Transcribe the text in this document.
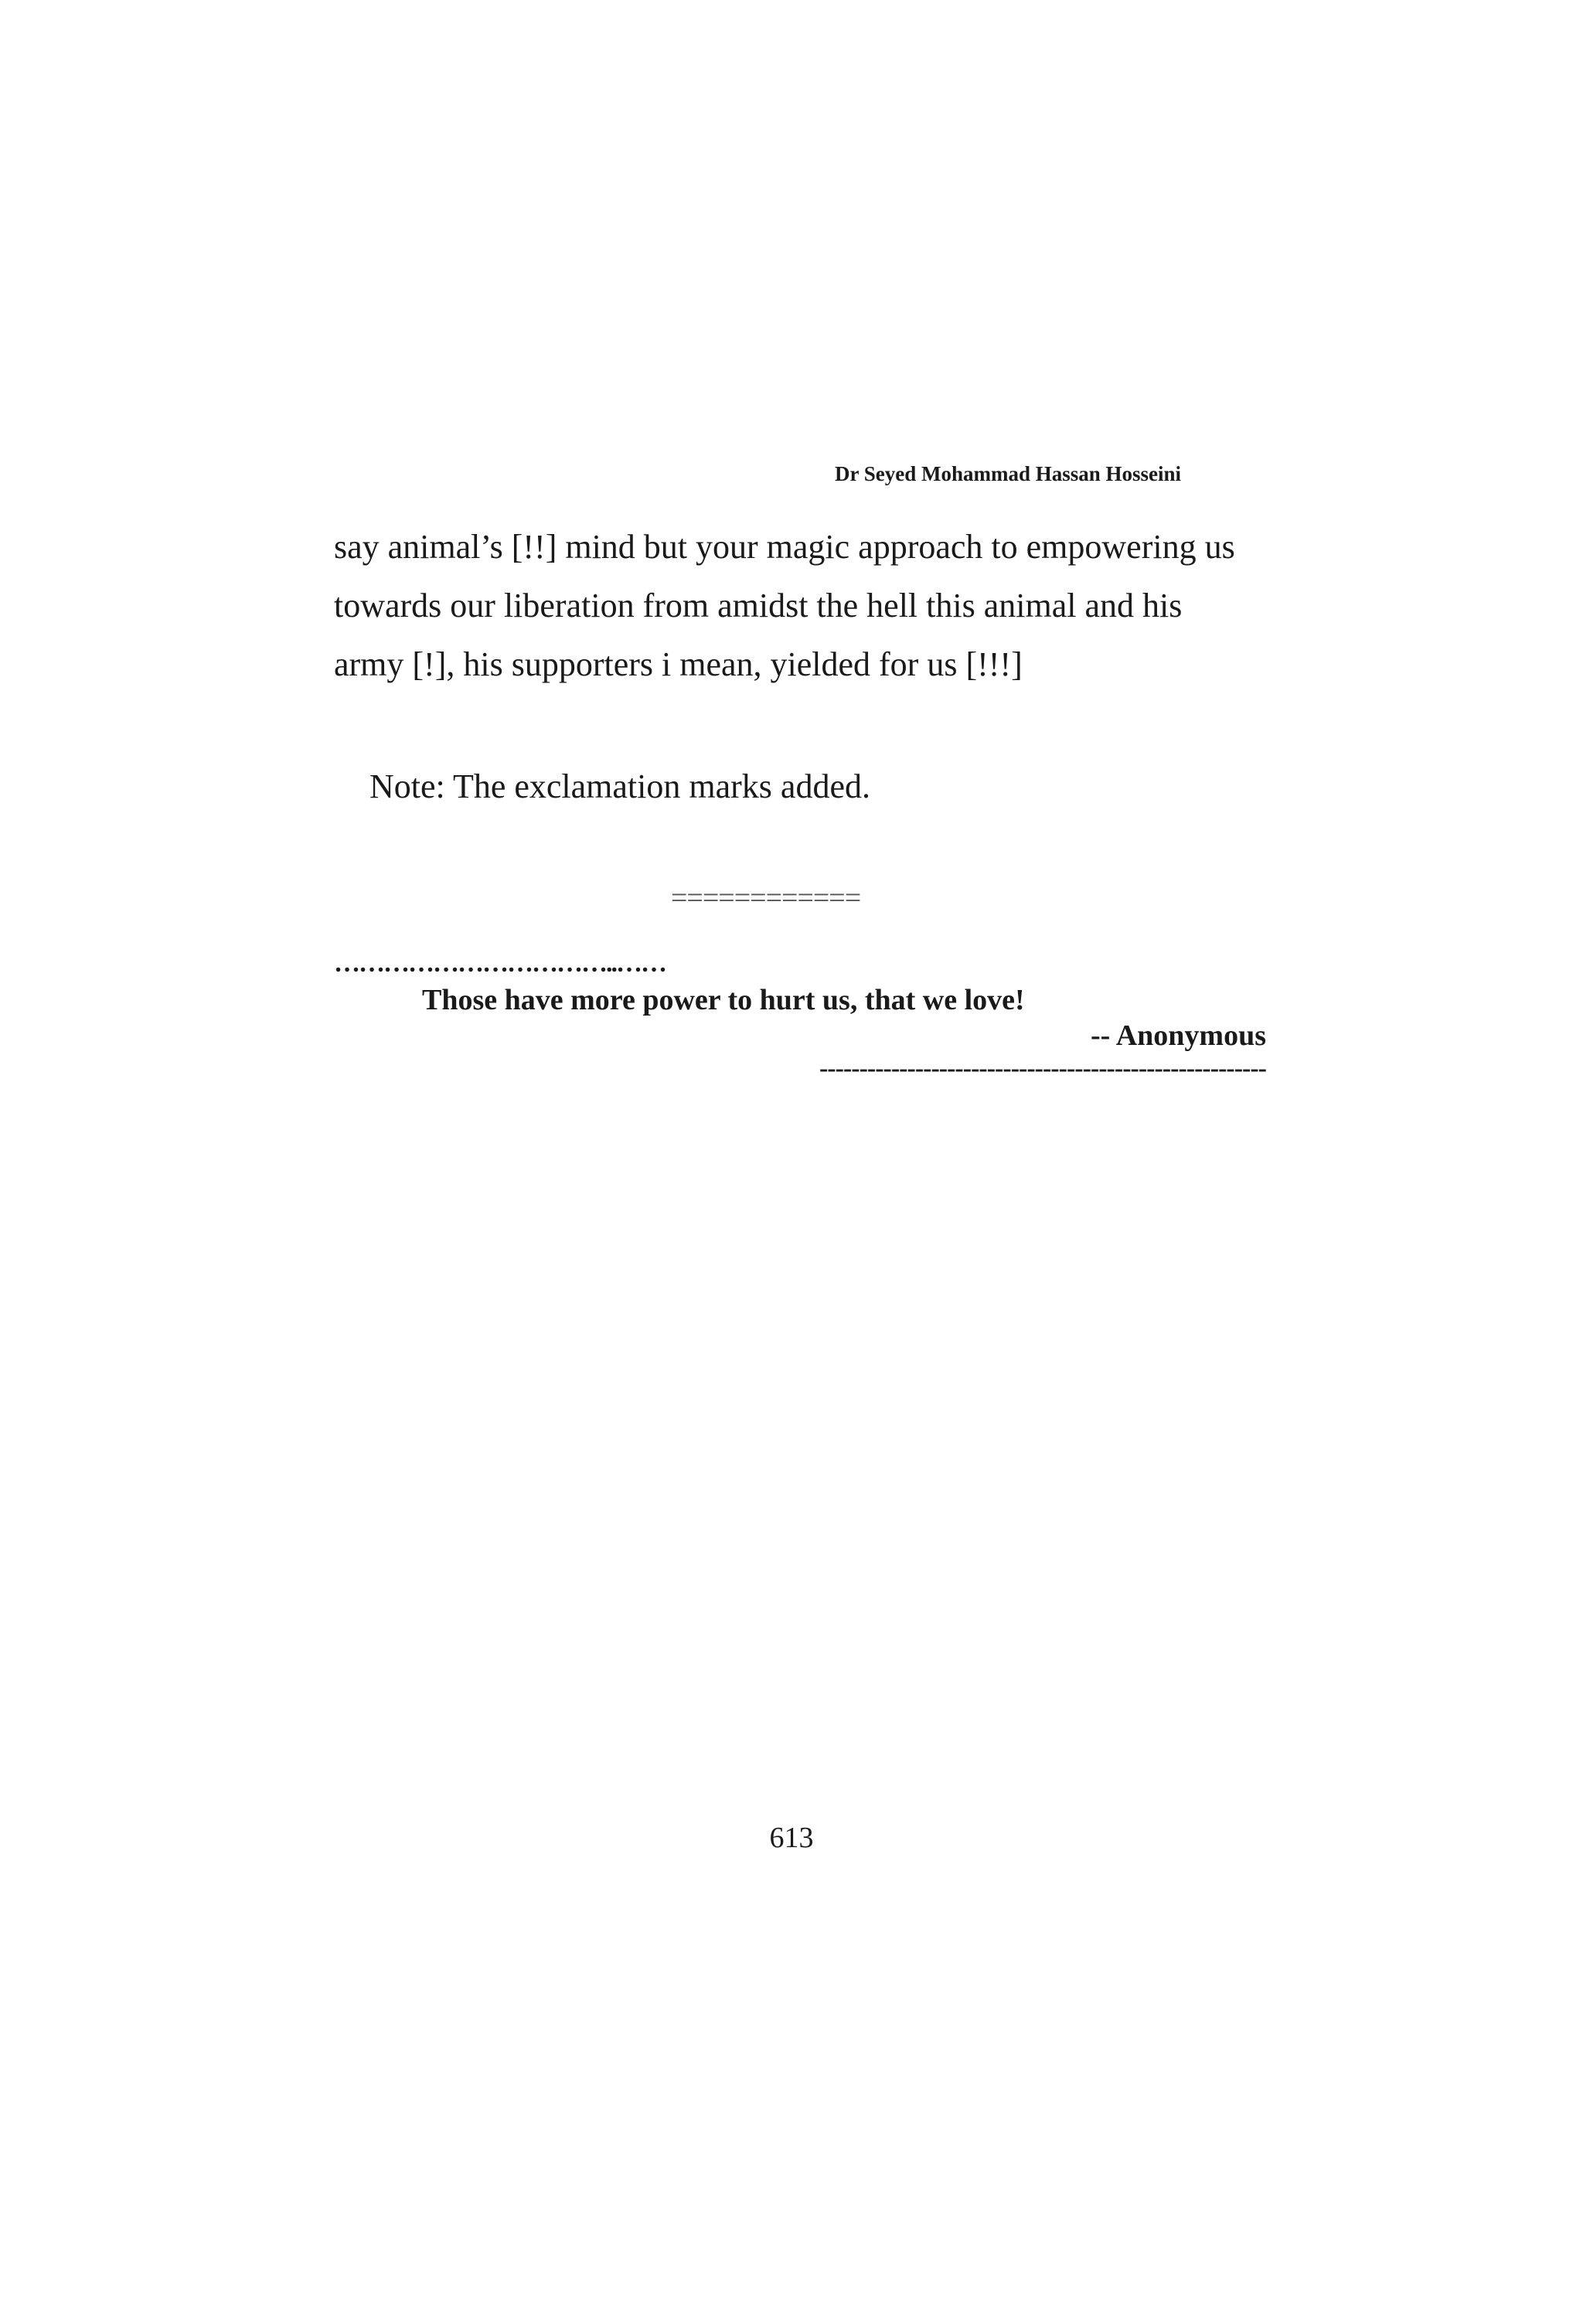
Dr Seyed Mohammad Hassan Hosseini
say animal’s [!!] mind but your magic approach to empowering us
towards our liberation from amidst the hell this animal and his
army [!], his supporters i mean, yielded for us [!!!]
Note: The exclamation marks added.
============
……………………………..……
Those have more power to hurt us, that we love!
-- Anonymous
--------------------------------------------------------
613
